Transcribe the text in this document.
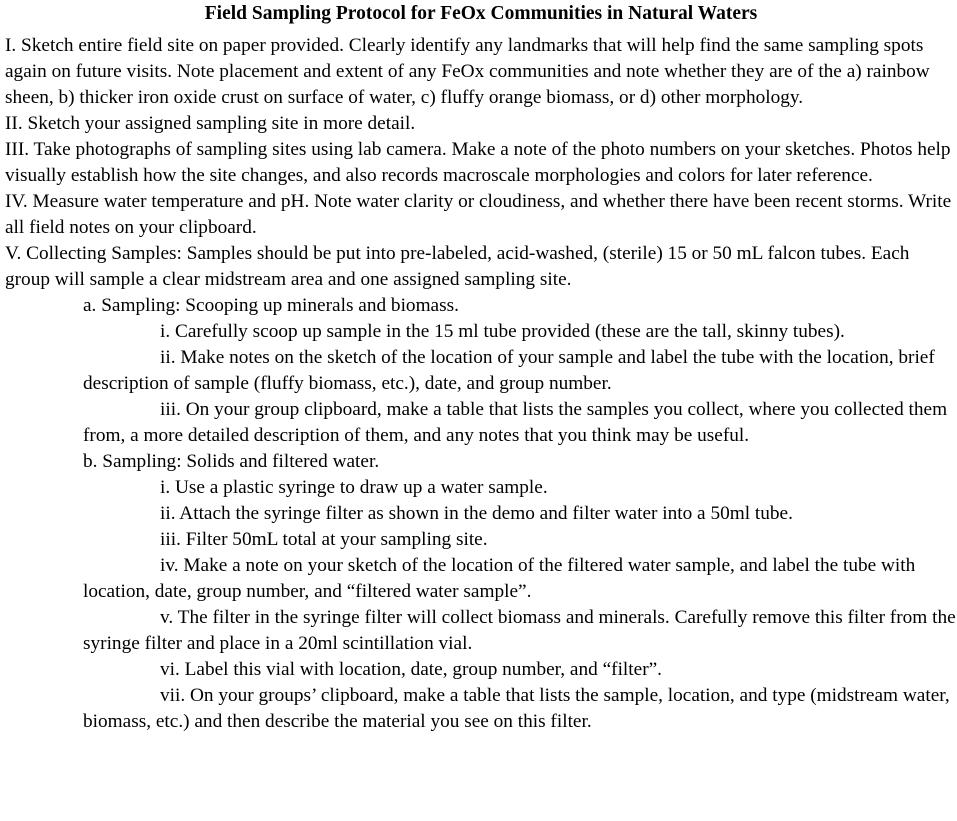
Field Sampling Protocol for FeOx Communities in Natural Waters

I. Sketch entire field site on paper provided. Clearly identify any landmarks that will help find the same sampling spots again on future visits. Note placement and extent of any FeOx communities and note whether they are of the a) rainbow sheen, b) thicker iron oxide crust on surface of water, c) fluffy orange biomass, or d) other morphology.

II. Sketch your assigned sampling site in more detail.

III. Take photographs of sampling sites using lab camera. Make a note of the photo numbers on your sketches. Photos help visually establish how the site changes, and also records macroscale morphologies and colors for later reference.

IV. Measure water temperature and pH. Note water clarity or cloudiness, and whether there have been recent storms. Write all field notes on your clipboard.

V. Collecting Samples: Samples should be put into pre-labeled, acid-washed, (sterile) 15 or 50 mL falcon tubes. Each group will sample a clear midstream area and one assigned sampling site.

a. Sampling: Scooping up minerals and biomass.

i. Carefully scoop up sample in the 15 ml tube provided (these are the tall, skinny tubes).

ii. Make notes on the sketch of the location of your sample and label the tube with the location, brief description of sample (fluffy biomass, etc.), date, and group number.

iii. On your group clipboard, make a table that lists the samples you collect, where you collected them from, a more detailed description of them, and any notes that you think may be useful.

b. Sampling: Solids and filtered water.

i. Use a plastic syringe to draw up a water sample.

ii. Attach the syringe filter as shown in the demo and filter water into a 50ml tube.

iii. Filter 50mL total at your sampling site.

iv. Make a note on your sketch of the location of the filtered water sample, and label the tube with location, date, group number, and “filtered water sample”.

v. The filter in the syringe filter will collect biomass and minerals. Carefully remove this filter from the syringe filter and place in a 20ml scintillation vial.

vi. Label this vial with location, date, group number, and “filter”.

vii. On your groups’ clipboard, make a table that lists the sample, location, and type (midstream water, biomass, etc.) and then describe the material you see on this filter.
